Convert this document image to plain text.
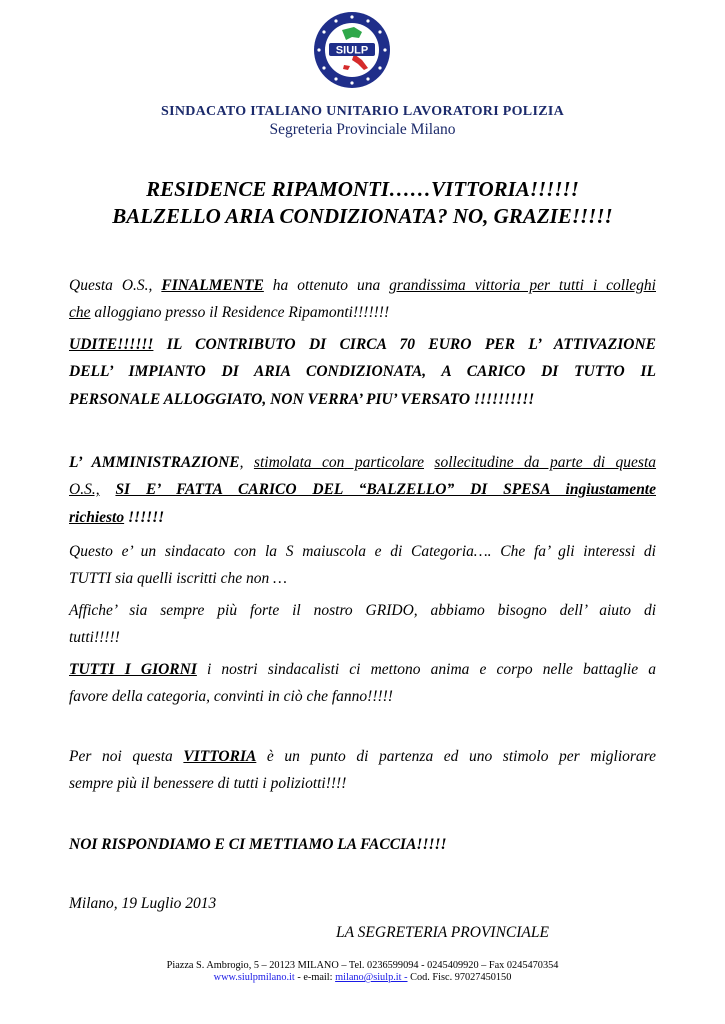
SIULP
SINDACATO ITALIANO UNITARIO LAVORATORI POLIZIA
Segreteria Provinciale Milano
RESIDENCE RIPAMONTI……VITTORIA!!!!!!
BALZELLO ARIA CONDIZIONATA? NO, GRAZIE!!!!!
Questa O.S., FINALMENTE ha ottenuto una grandissima vittoria per tutti i colleghi
che alloggiano presso il Residence Ripamonti!!!!!!!
UDITE!!!!!! IL CONTRIBUTO DI CIRCA 70 EURO PER L’ ATTIVAZIONE
DELL’ IMPIANTO DI ARIA CONDIZIONATA, A CARICO DI TUTTO IL
PERSONALE ALLOGGIATO, NON VERRA’ PIU’ VERSATO !!!!!!!!!!
L’ AMMINISTRAZIONE, stimolata con particolare sollecitudine da parte di questa
O.S., SI E’ FATTA CARICO DEL “BALZELLO” DI SPESA ingiustamente
richiesto !!!!!!
Questo e’ un sindacato con la S maiuscola e di Categoria…. Che fa’ gli interessi di
TUTTI sia quelli iscritti che non …
Affiche’ sia sempre più forte il nostro GRIDO, abbiamo bisogno dell’ aiuto di
tutti!!!!!
TUTTI I GIORNI i nostri sindacalisti ci mettono anima e corpo nelle battaglie a
favore della categoria, convinti in ciò che fanno!!!!!
Per noi questa VITTORIA è un punto di partenza ed uno stimolo per migliorare
sempre più il benessere di tutti i poliziotti!!!!
NOI RISPONDIAMO E CI METTIAMO LA FACCIA!!!!!
Milano, 19 Luglio 2013
LA SEGRETERIA PROVINCIALE
Piazza S. Ambrogio, 5 – 20123 MILANO – Tel. 0236599094 - 0245409920 – Fax 0245470354
www.siulpmilano.it - e-mail: milano@siulp.it - Cod. Fisc. 97027450150
